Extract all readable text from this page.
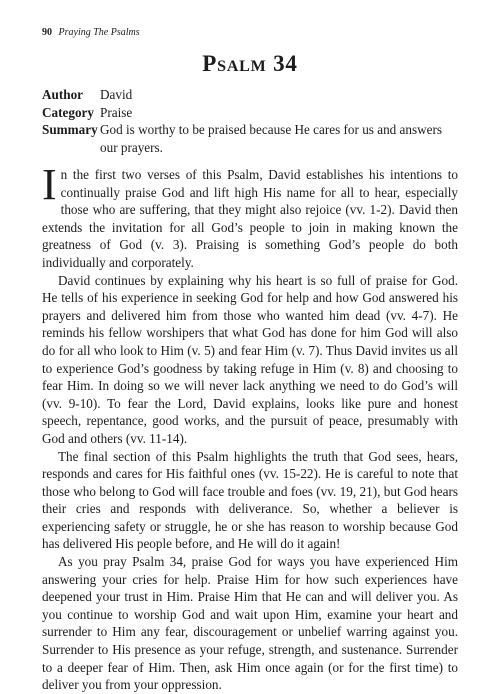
90 Praying The Psalms
Psalm 34
Author	David
Category Praise
Summary God is worthy to be praised because He cares for us and answers our prayers.

In the first two verses of this Psalm, David establishes his intentions to continually praise God and lift high His name for all to hear, especially those who are suffering, that they might also rejoice (vv. 1-2). David then extends the invitation for all God’s people to join in making known the greatness of God (v. 3). Praising is something God’s people do both individually and corporately.

David continues by explaining why his heart is so full of praise for God. He tells of his experience in seeking God for help and how God answered his prayers and delivered him from those who wanted him dead (vv. 4-7). He reminds his fellow worshipers that what God has done for him God will also do for all who look to Him (v. 5) and fear Him (v. 7). Thus David invites us all to experience God’s goodness by taking refuge in Him (v. 8) and choosing to fear Him. In doing so we will never lack anything we need to do God’s will (vv. 9-10). To fear the Lord, David explains, looks like pure and honest speech, repentance, good works, and the pursuit of peace, presumably with God and others (vv. 11-14).

The final section of this Psalm highlights the truth that God sees, hears, responds and cares for His faithful ones (vv. 15-22). He is careful to note that those who belong to God will face trouble and foes (vv. 19, 21), but God hears their cries and responds with deliverance. So, whether a believer is experiencing safety or struggle, he or she has reason to worship because God has delivered His people before, and He will do it again!

As you pray Psalm 34, praise God for ways you have experienced Him answering your cries for help. Praise Him for how such experiences have deepened your trust in Him. Praise Him that He can and will deliver you. As you continue to worship God and wait upon Him, examine your heart and surrender to Him any fear, discouragement or unbelief warring against you. Surrender to His presence as your refuge, strength, and sustenance. Surrender to a deeper fear of Him. Then, ask Him once again (or for the first time) to deliver you from your oppression.
